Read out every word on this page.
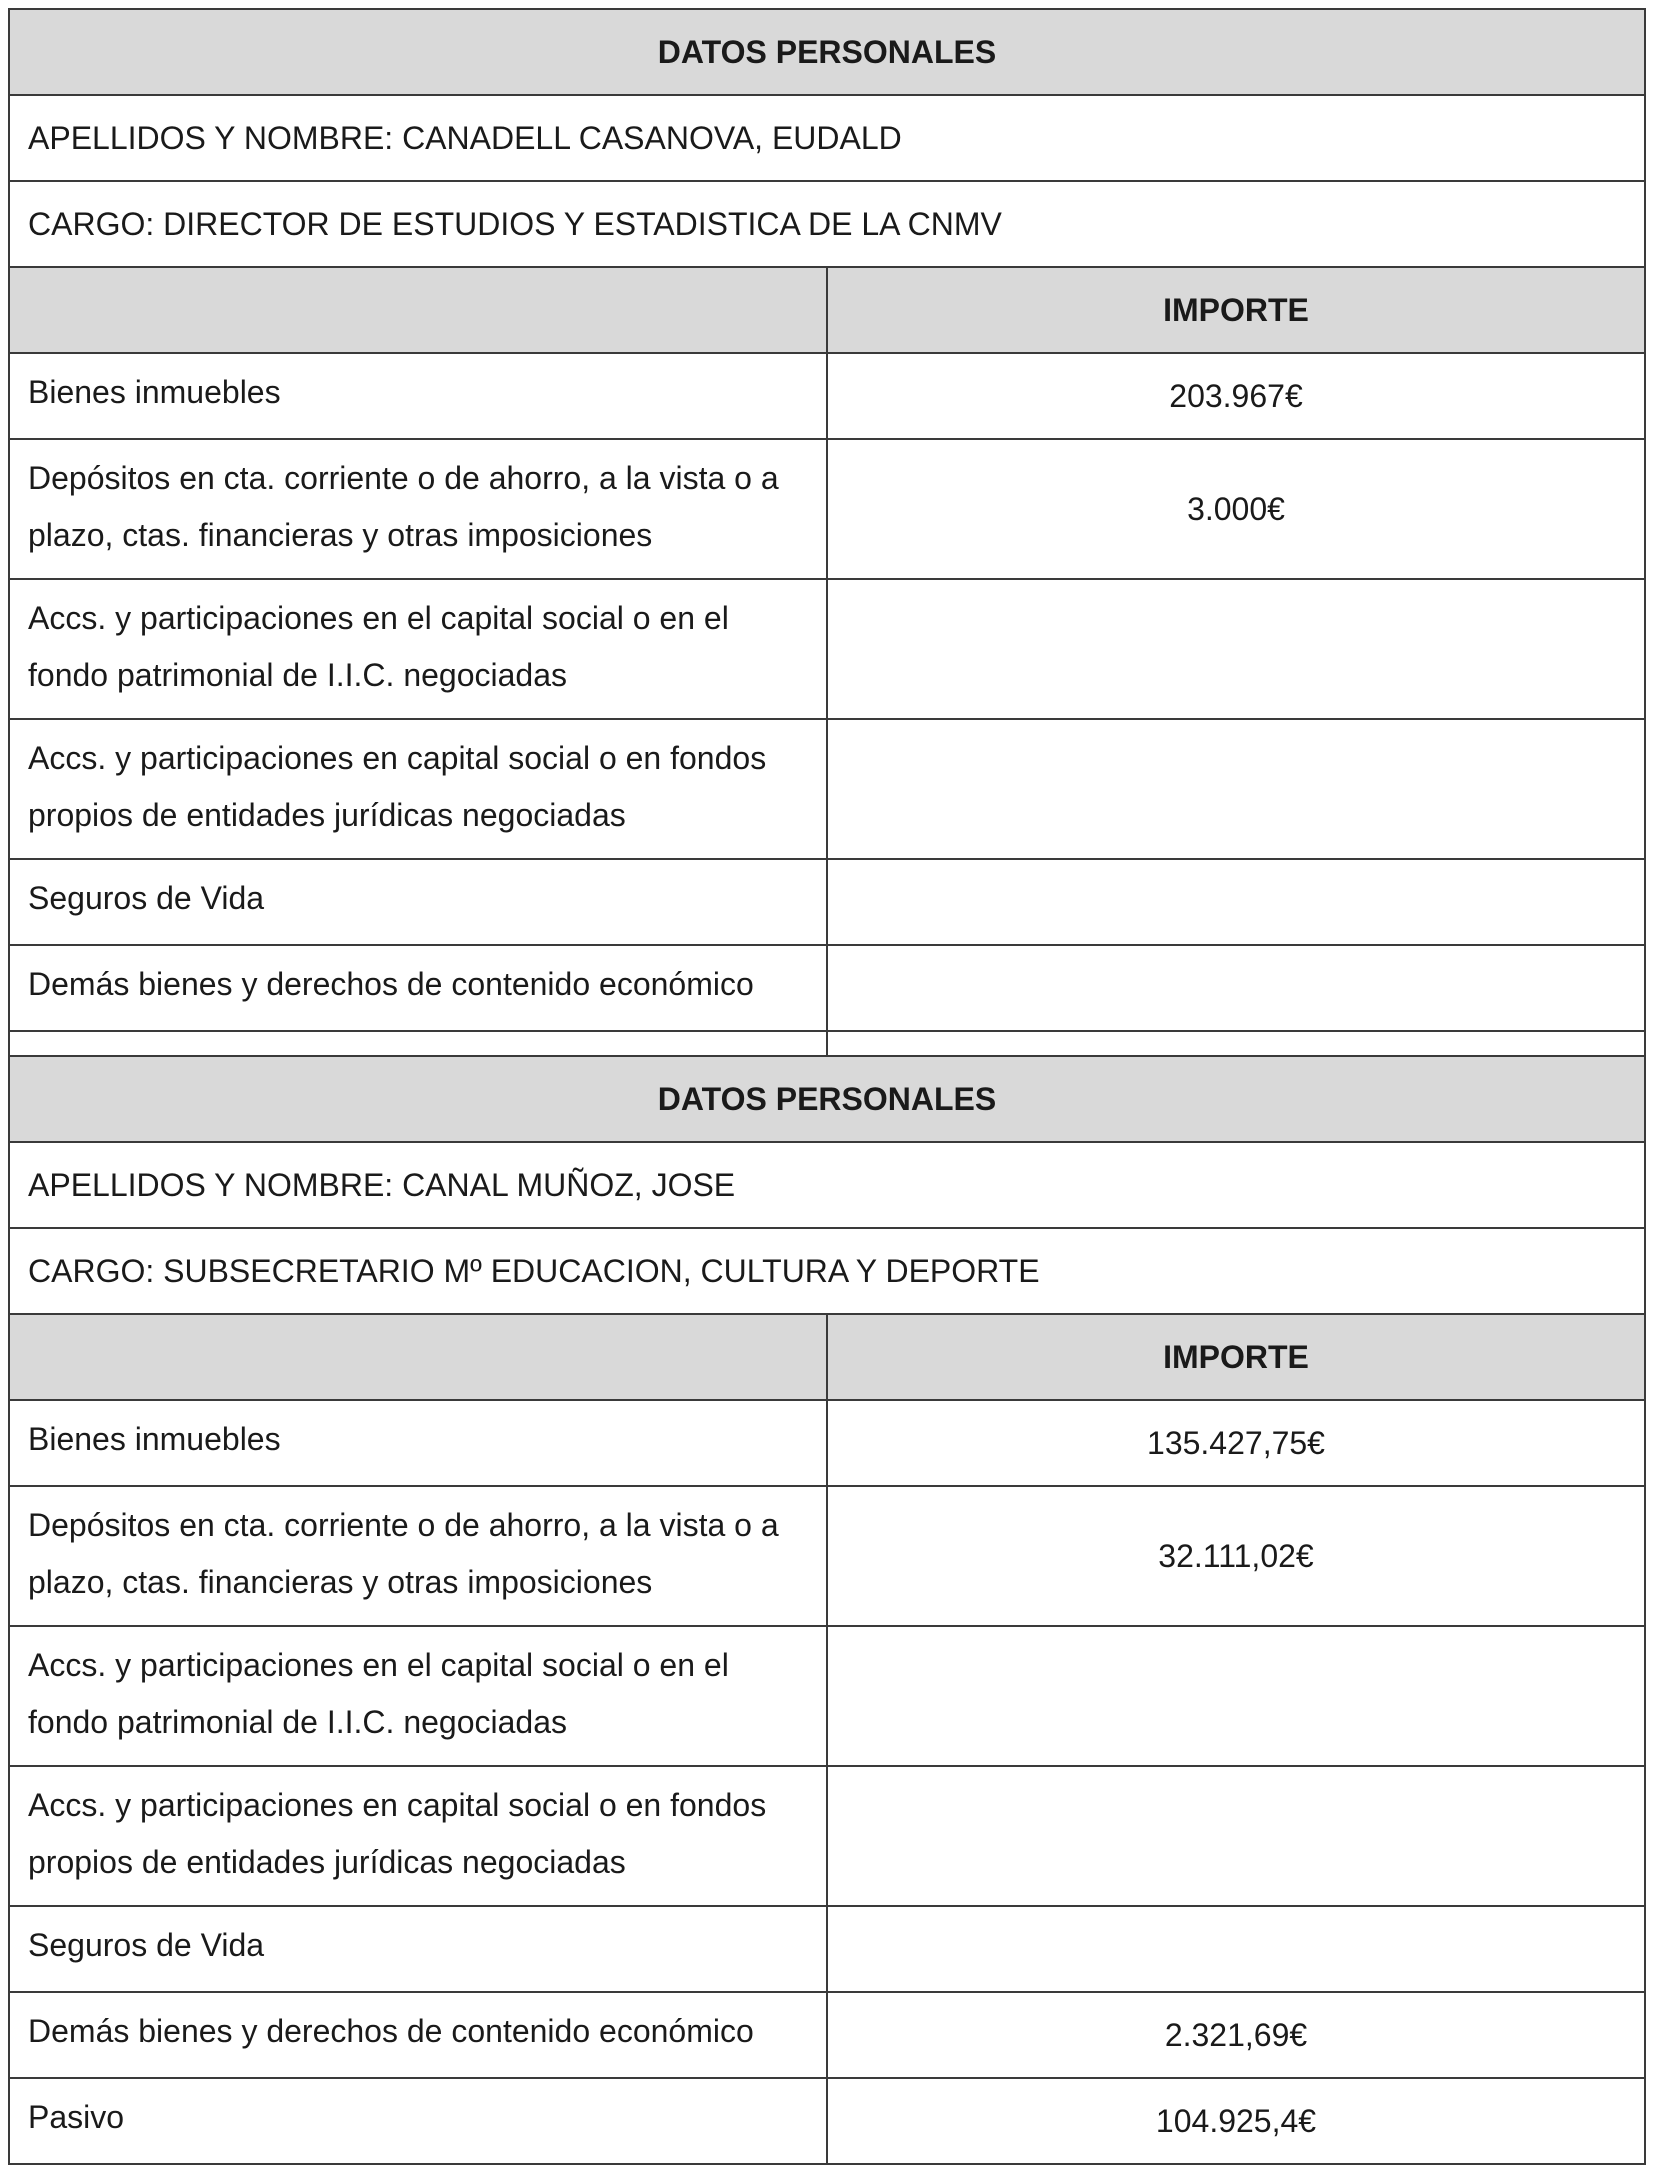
DATOS PERSONALES	
APELLIDOS Y NOMBRE: CANADELL CASANOVA, EUDALD	
CARGO: DIRECTOR DE ESTUDIOS Y ESTADISTICA DE LA CNMV	
	IMPORTE
Bienes inmuebles	203.967€
Depósitos en cta. corriente o de ahorro, a la vista o a plazo, ctas. financieras y otras imposiciones	3.000€
Accs. y participaciones en el capital social o en el fondo patrimonial de I.I.C. negociadas	
Accs. y participaciones en capital social o en fondos propios de entidades jurídicas negociadas	
Seguros de Vida	
Demás bienes y derechos de contenido económico	

DATOS PERSONALES	
APELLIDOS Y NOMBRE: CANAL MUÑOZ, JOSE	
CARGO: SUBSECRETARIO Mº EDUCACION, CULTURA Y DEPORTE	
	IMPORTE
Bienes inmuebles	135.427,75€
Depósitos en cta. corriente o de ahorro, a la vista o a plazo, ctas. financieras y otras imposiciones	32.111,02€
Accs. y participaciones en el capital social o en el fondo patrimonial de I.I.C. negociadas	
Accs. y participaciones en capital social o en fondos propios de entidades jurídicas negociadas	
Seguros de Vida	
Demás bienes y derechos de contenido económico	2.321,69€
Pasivo	104.925,4€
